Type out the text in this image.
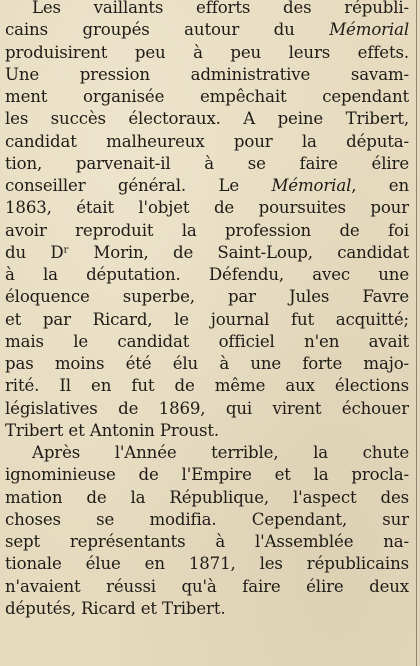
Les vaillants efforts des républi-
cains groupés autour du Mémorial
produisirent peu à peu leurs effets.
Une pression administrative savam-
ment organisée empêchait cependant
les succès électoraux. A peine Tribert,
candidat malheureux pour la députa-
tion, parvenait-il à se faire élire
conseiller général. Le Mémorial, en
1863, était l'objet de poursuites pour
avoir reproduit la profession de foi
du Dʳ Morin, de Saint-Loup, candidat
à la députation. Défendu, avec une
éloquence superbe, par Jules Favre
et par Ricard, le journal fut acquitté;
mais le candidat officiel n'en avait
pas moins été élu à une forte majo-
rité. Il en fut de même aux élections
législatives de 1869, qui virent échouer
Tribert et Antonin Proust.
Après l'Année terrible, la chute
ignominieuse de l'Empire et la procla-
mation de la République, l'aspect des
choses se modifia. Cependant, sur
sept représentants à l'Assemblée na-
tionale élue en 1871, les républicains
n'avaient réussi qu'à faire élire deux
députés, Ricard et Tribert.
